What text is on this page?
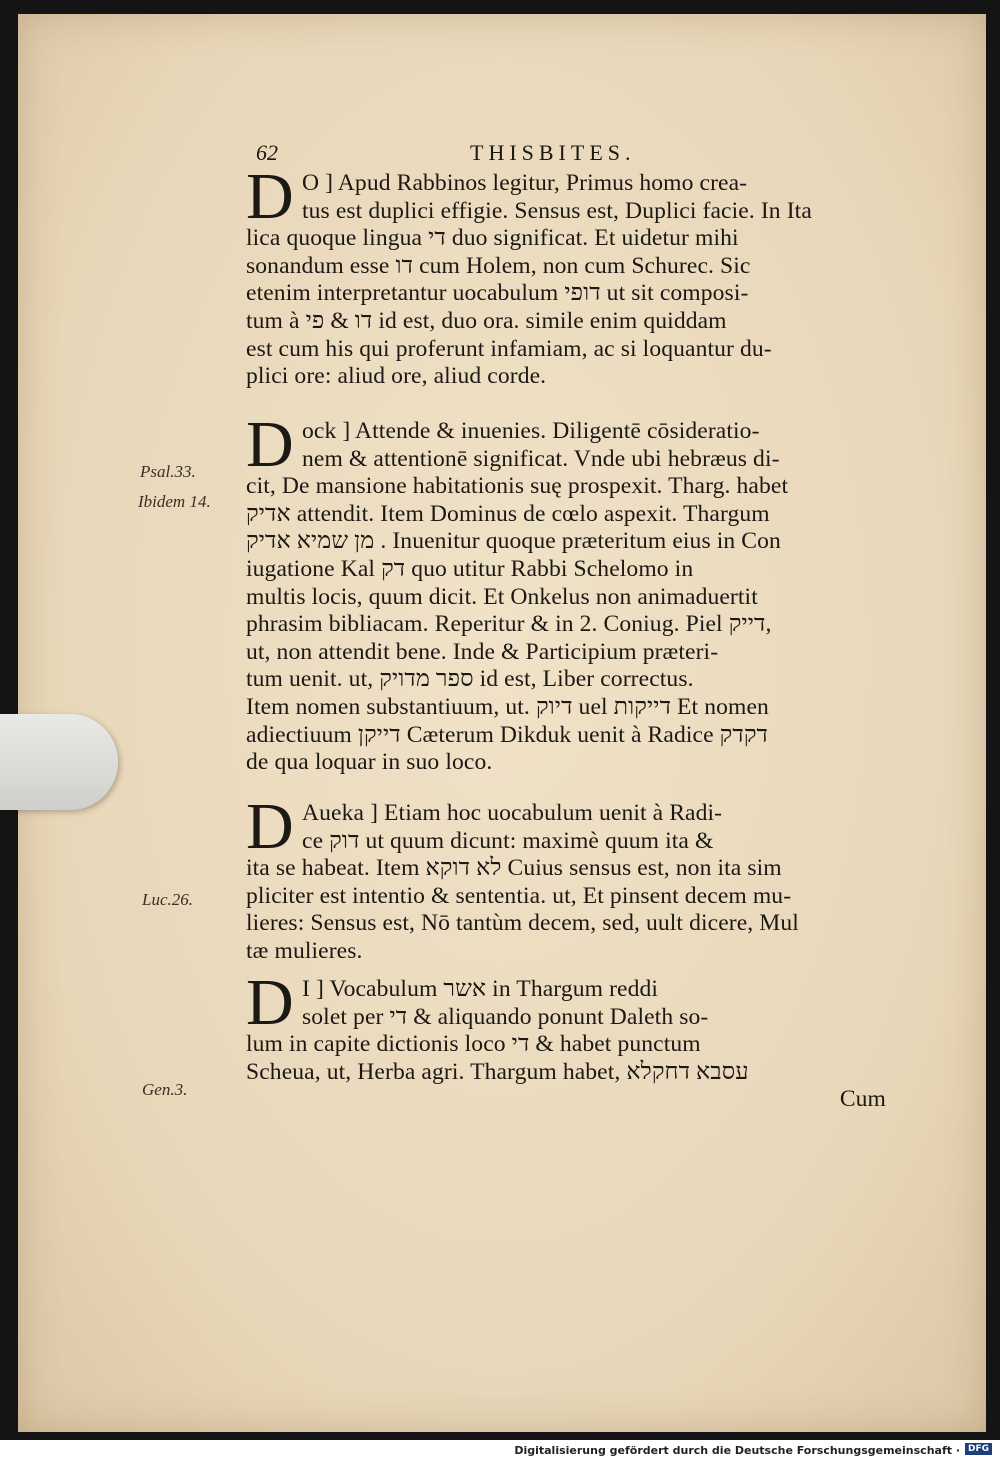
62	THISBITES.
Psal.33.
Ibidem 14.
Luc.26.
Gen.3.
D O ] Apud Rabbinos legitur, Primus homo crea-
tus est duplici effigie. Sensus est, Duplici facie. In Ita
lica quoque lingua די duo significat. Et uidetur mihi
sonandum esse דו cum Holem, non cum Schurec. Sic
etenim interpretantur uocabulum דופי ut sit composi-
tum à דו & פי id est, duo ora. simile enim quiddam
est cum his qui proferunt infamiam, ac si loquantur du-
plici ore: aliud ore, aliud corde.
D ock ] Attende & inuenies. Diligentē cōsideratio-
nem & attentionē significat. Vnde ubi hebræus di-
cit, De mansione habitationis suę prospexit. Tharg. habet
אדיק attendit. Item Dominus de cœlo aspexit. Thargum
מן שמיא אדיק . Inuenitur quoque præteritum eius in Con
iugatione Kal דק quo utitur Rabbi Schelomo in
multis locis, quum dicit. Et Onkelus non animaduertit
phrasim bibliacam. Reperitur & in 2. Coniug. Piel דייק,
ut, non attendit bene. Inde & Participium præteri-
tum uenit. ut, ספר מדויק id est, Liber correctus.
Item nomen substantiuum, ut. דיוק uel דייקות Et nomen
adiectiuum דייקן Cæterum Dikduk uenit à Radice דקדק
de qua loquar in suo loco.
D Aueka ] Etiam hoc uocabulum uenit à Radi-
ce דוק ut quum dicunt: maximè quum ita &
ita se habeat. Item לא דוקא Cuius sensus est, non ita sim
pliciter est intentio & sententia. ut, Et pinsent decem mu-
lieres: Sensus est, Nō tantùm decem, sed, uult dicere, Mul
tæ mulieres.
D I ] Vocabulum אשר in Thargum reddi
solet per די & aliquando ponunt Daleth so-
lum in capite dictionis loco די & habet punctum
Scheua, ut, Herba agri. Thargum habet, עסבא דחקלא
Cum
Digitalisierung gefördert durch die Deutsche Forschungsgemeinschaft · DFG
